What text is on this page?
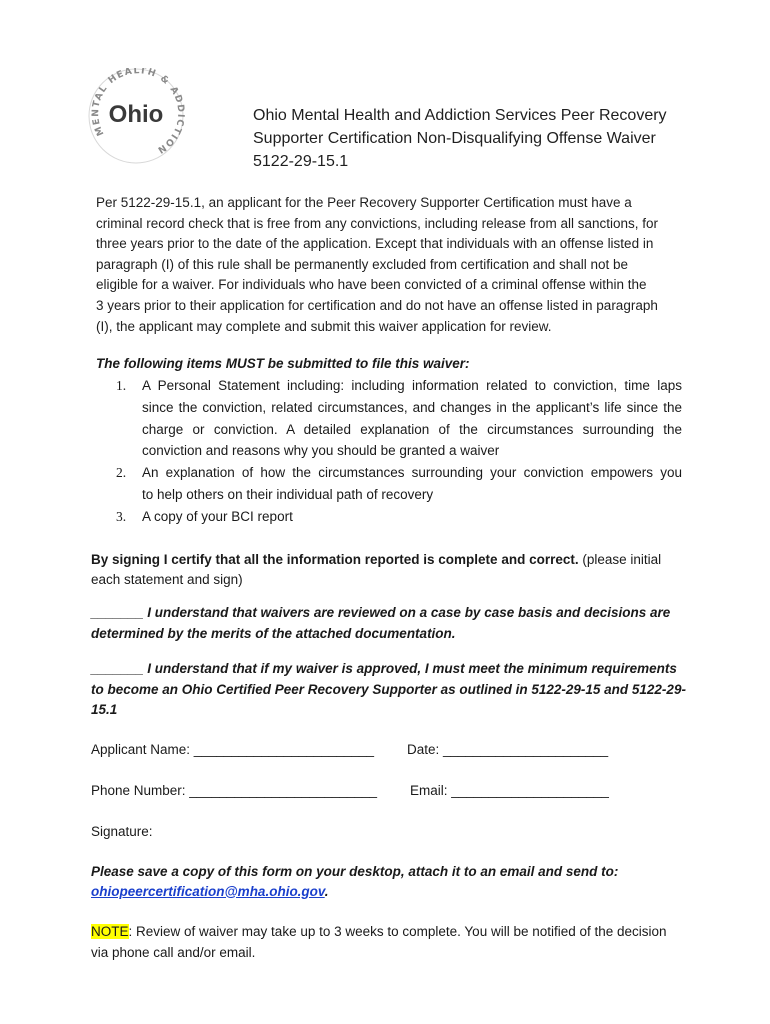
MENTAL HEALTH & ADDICTION
Ohio	Ohio Mental Health and Addiction Services Peer Recovery
Supporter Certification Non-Disqualifying Offense Waiver
5122-29-15.1
Per 5122-29-15.1, an applicant for the Peer Recovery Supporter Certification must have a
criminal record check that is free from any convictions, including release from all sanctions, for
three years prior to the date of the application. Except that individuals with an offense listed in
paragraph (I) of this rule shall be permanently excluded from certification and shall not be
eligible for a waiver. For individuals who have been convicted of a criminal offense within the
3 years prior to their application for certification and do not have an offense listed in paragraph
(I), the applicant may complete and submit this waiver application for review.
The following items MUST be submitted to file this waiver:
1. A Personal Statement including: including information related to conviction, time laps
since the conviction, related circumstances, and changes in the applicant’s life since the
charge or conviction. A detailed explanation of the circumstances surrounding the
conviction and reasons why you should be granted a waiver
2. An explanation of how the circumstances surrounding your conviction empowers you
to help others on their individual path of recovery
3. A copy of your BCI report
By signing I certify that all the information reported is complete and correct. (please initial each statement and sign)
_______ I understand that waivers are reviewed on a case by case basis and decisions are
determined by the merits of the attached documentation.
_______ I understand that if my waiver is approved, I must meet the minimum requirements
to become an Ohio Certified Peer Recovery Supporter as outlined in 5122-29-15 and 5122-29-
15.1
Applicant Name: ________________________ Date: ______________________
Phone Number: _________________________ Email: _____________________
Signature:
Please save a copy of this form on your desktop, attach it to an email and send to:
ohiopeercertification@mha.ohio.gov.
NOTE: Review of waiver may take up to 3 weeks to complete. You will be notified of the decision
via phone call and/or email.
